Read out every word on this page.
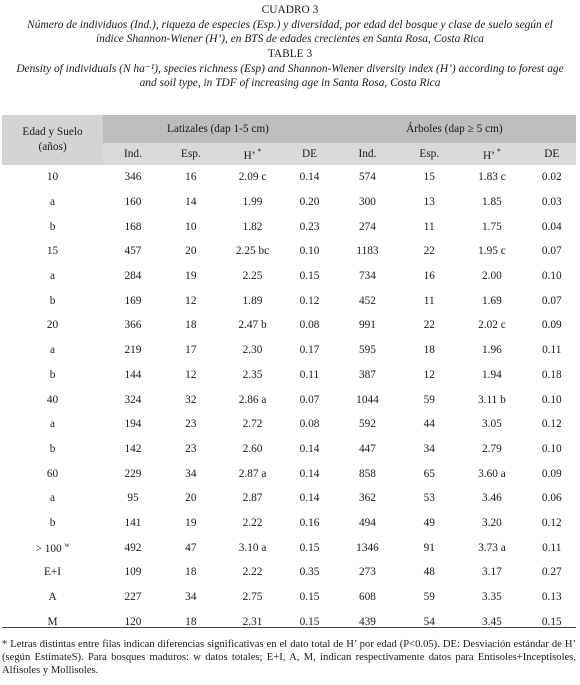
CUADRO 3
Número de individuos (Ind.), riqueza de especies (Esp.) y diversidad, por edad del bosque y clase de suelo según el
índice Shannon-Wiener (H’), en BTS de edades crecientes en Santa Rosa, Costa Rica
TABLE 3
Density of individuals (N ha⁻¹), species richness (Esp) and Shannon-Wiener diversity index (H’) according to forest age
and soil type, in TDF of increasing age in Santa Rosa, Costa Rica
Edad y Suelo (años)	Latizales (dap 1-5 cm)				Árboles (dap ≥ 5 cm)			
	Ind.	Esp.	H’ *	DE	Ind.	Esp.	H’ *	DE
10	346	16	2.09 c	0.14	574	15	1.83 c	0.02
a	160	14	1.99	0.20	300	13	1.85	0.03
b	168	10	1.82	0.23	274	11	1.75	0.04
15	457	20	2.25 bc	0.10	1183	22	1.95 c	0.07
a	284	19	2.25	0.15	734	16	2.00	0.10
b	169	12	1.89	0.12	452	11	1.69	0.07
20	366	18	2.47 b	0.08	991	22	2.02 c	0.09
a	219	17	2.30	0.17	595	18	1.96	0.11
b	144	12	2.35	0.11	387	12	1.94	0.18
40	324	32	2.86 a	0.07	1044	59	3.11 b	0.10
a	194	23	2.72	0.08	592	44	3.05	0.12
b	142	23	2.60	0.14	447	34	2.79	0.10
60	229	34	2.87 a	0.14	858	65	3.60 a	0.09
a	95	20	2.87	0.14	362	53	3.46	0.06
b	141	19	2.22	0.16	494	49	3.20	0.12
> 100 $^w$	492	47	3.10 a	0.15	1346	91	3.73 a	0.11
E+I	109	18	2.22	0.35	273	48	3.17	0.27
A	227	34	2.75	0.15	608	59	3.35	0.13
M	120	18	2.31	0.15	439	54	3.45	0.15
* Letras distintas entre filas indican diferencias significativas en el dato total de H’ por edad (P<0.05). DE: Desviación estándar de H’ (según EstimateS). Para bosques maduros: w datos totales; E+I, A, M, indican respectivamente datos para Entisoles+Inceptisoles, Alfisoles y Mollisoles.
